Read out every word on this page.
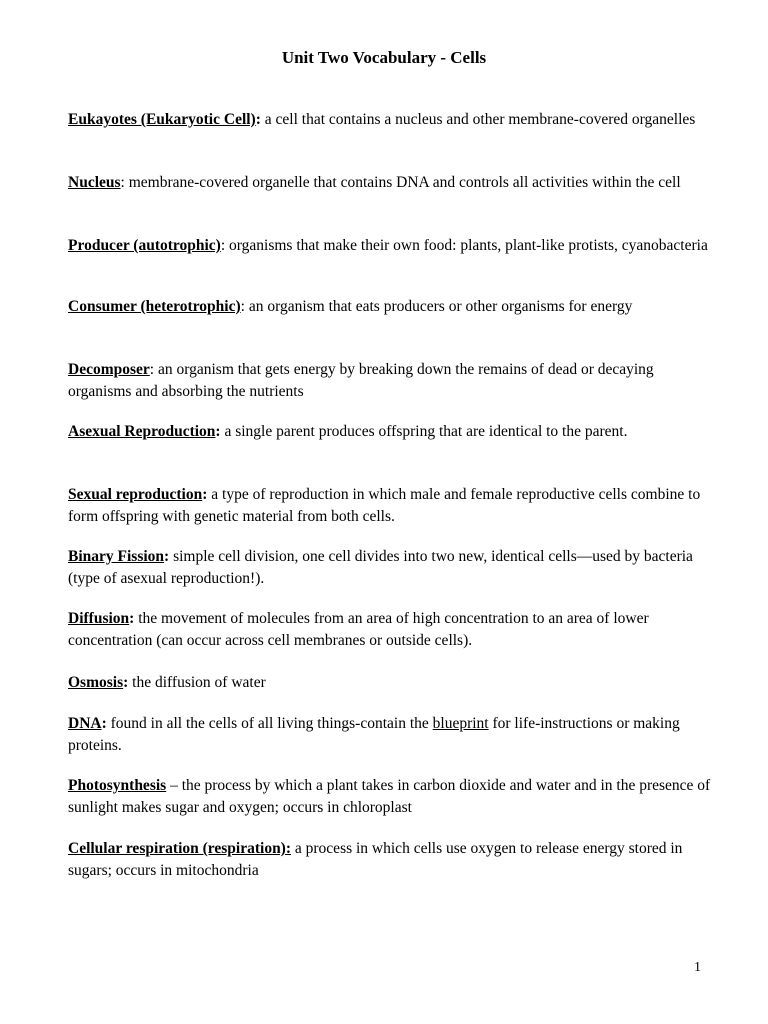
Unit Two Vocabulary - Cells
Eukayotes (Eukaryotic Cell): a cell that contains a nucleus and other membrane-covered organelles
Nucleus: membrane-covered organelle that contains DNA and controls all activities within the cell
Producer (autotrophic): organisms that make their own food: plants, plant-like protists, cyanobacteria
Consumer (heterotrophic): an organism that eats producers or other organisms for energy
Decomposer: an organism that gets energy by breaking down the remains of dead or decaying organisms and absorbing the nutrients
Asexual Reproduction: a single parent produces offspring that are identical to the parent.
Sexual reproduction: a type of reproduction in which male and female reproductive cells combine to form offspring with genetic material from both cells.
Binary Fission: simple cell division, one cell divides into two new, identical cells—used by bacteria (type of asexual reproduction!).
Diffusion: the movement of molecules from an area of high concentration to an area of lower concentration (can occur across cell membranes or outside cells).
Osmosis: the diffusion of water
DNA: found in all the cells of all living things-contain the blueprint for life-instructions or making proteins.
Photosynthesis – the process by which a plant takes in carbon dioxide and water and in the presence of sunlight makes sugar and oxygen; occurs in chloroplast
Cellular respiration (respiration): a process in which cells use oxygen to release energy stored in sugars; occurs in mitochondria
1
